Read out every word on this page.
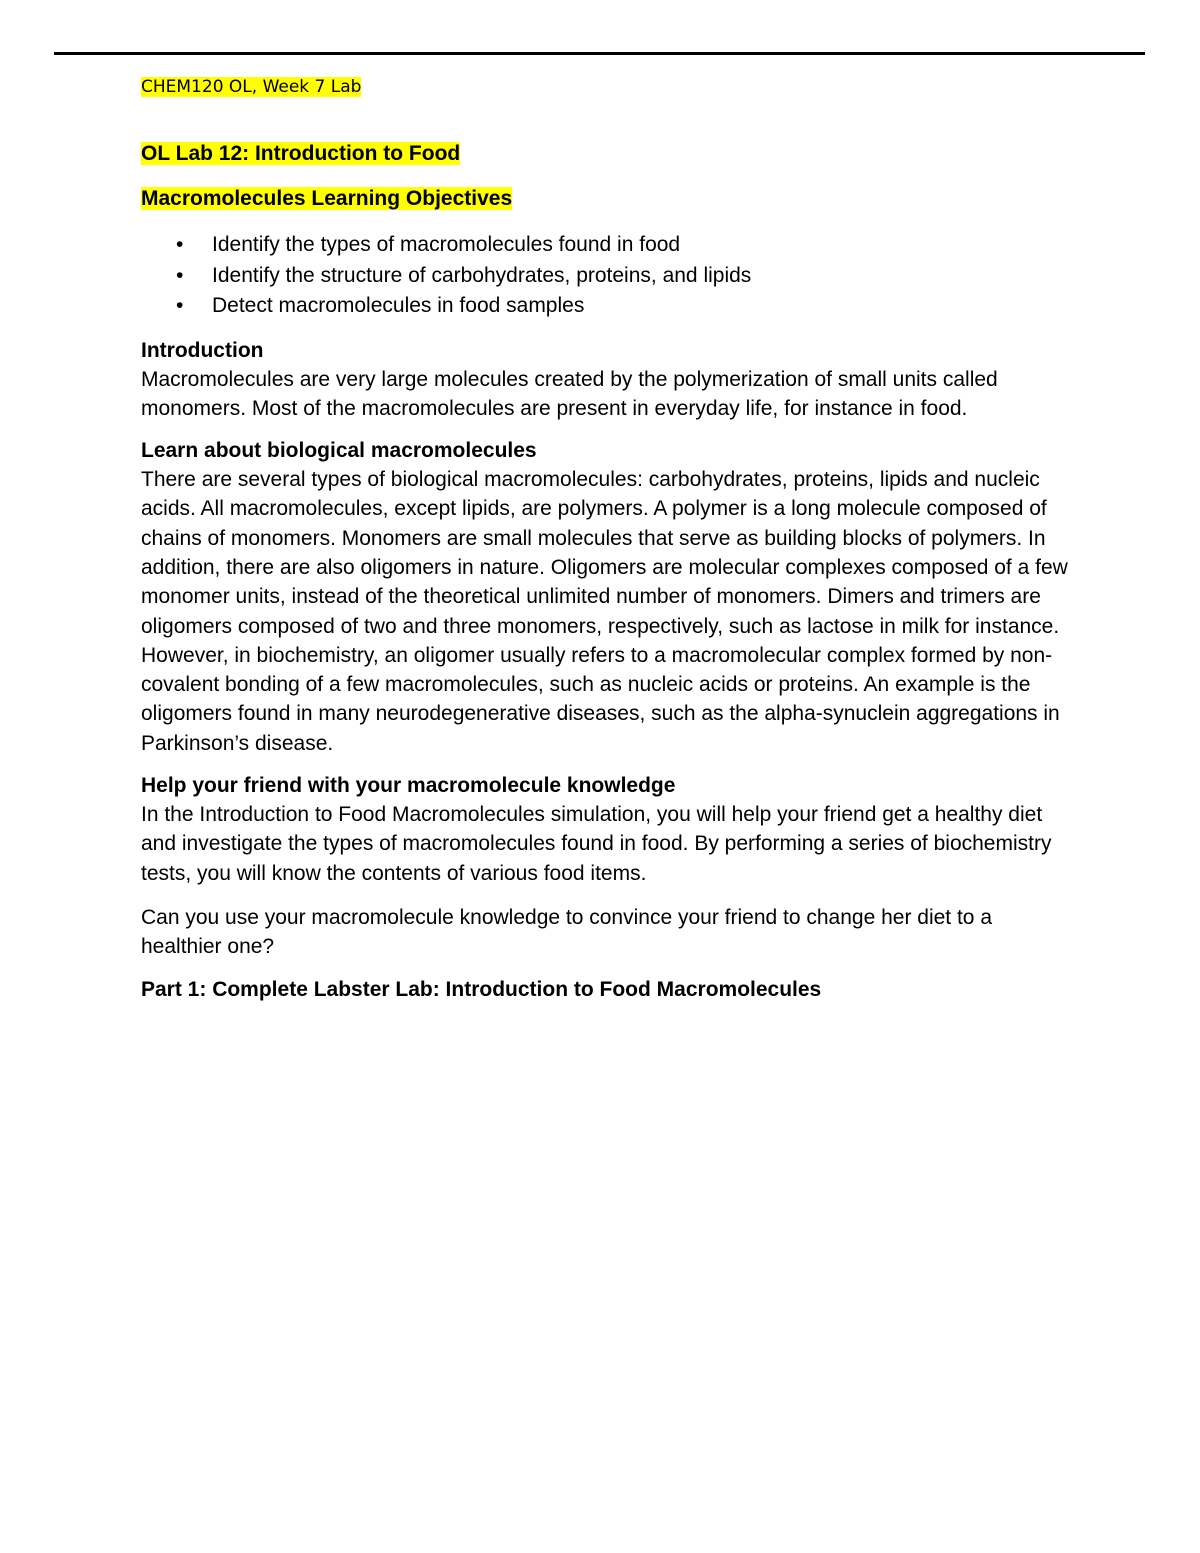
CHEM120 OL, Week 7 Lab

OL Lab 12: Introduction to Food

Macromolecules Learning Objectives

• Identify the types of macromolecules found in food
• Identify the structure of carbohydrates, proteins, and lipids
• Detect macromolecules in food samples

Introduction

Macromolecules are very large molecules created by the polymerization of small units called monomers. Most of the macromolecules are present in everyday life, for instance in food.

Learn about biological macromolecules

There are several types of biological macromolecules: carbohydrates, proteins, lipids and nucleic acids. All macromolecules, except lipids, are polymers. A polymer is a long molecule composed of chains of monomers. Monomers are small molecules that serve as building blocks of polymers. In addition, there are also oligomers in nature. Oligomers are molecular complexes composed of a few monomer units, instead of the theoretical unlimited number of monomers. Dimers and trimers are oligomers composed of two and three monomers, respectively, such as lactose in milk for instance. However, in biochemistry, an oligomer usually refers to a macromolecular complex formed by non-covalent bonding of a few macromolecules, such as nucleic acids or proteins. An example is the oligomers found in many neurodegenerative diseases, such as the alpha-synuclein aggregations in Parkinson’s disease.

Help your friend with your macromolecule knowledge

In the Introduction to Food Macromolecules simulation, you will help your friend get a healthy diet and investigate the types of macromolecules found in food. By performing a series of biochemistry tests, you will know the contents of various food items.

Can you use your macromolecule knowledge to convince your friend to change her diet to a healthier one?

Part 1: Complete Labster Lab: Introduction to Food Macromolecules
